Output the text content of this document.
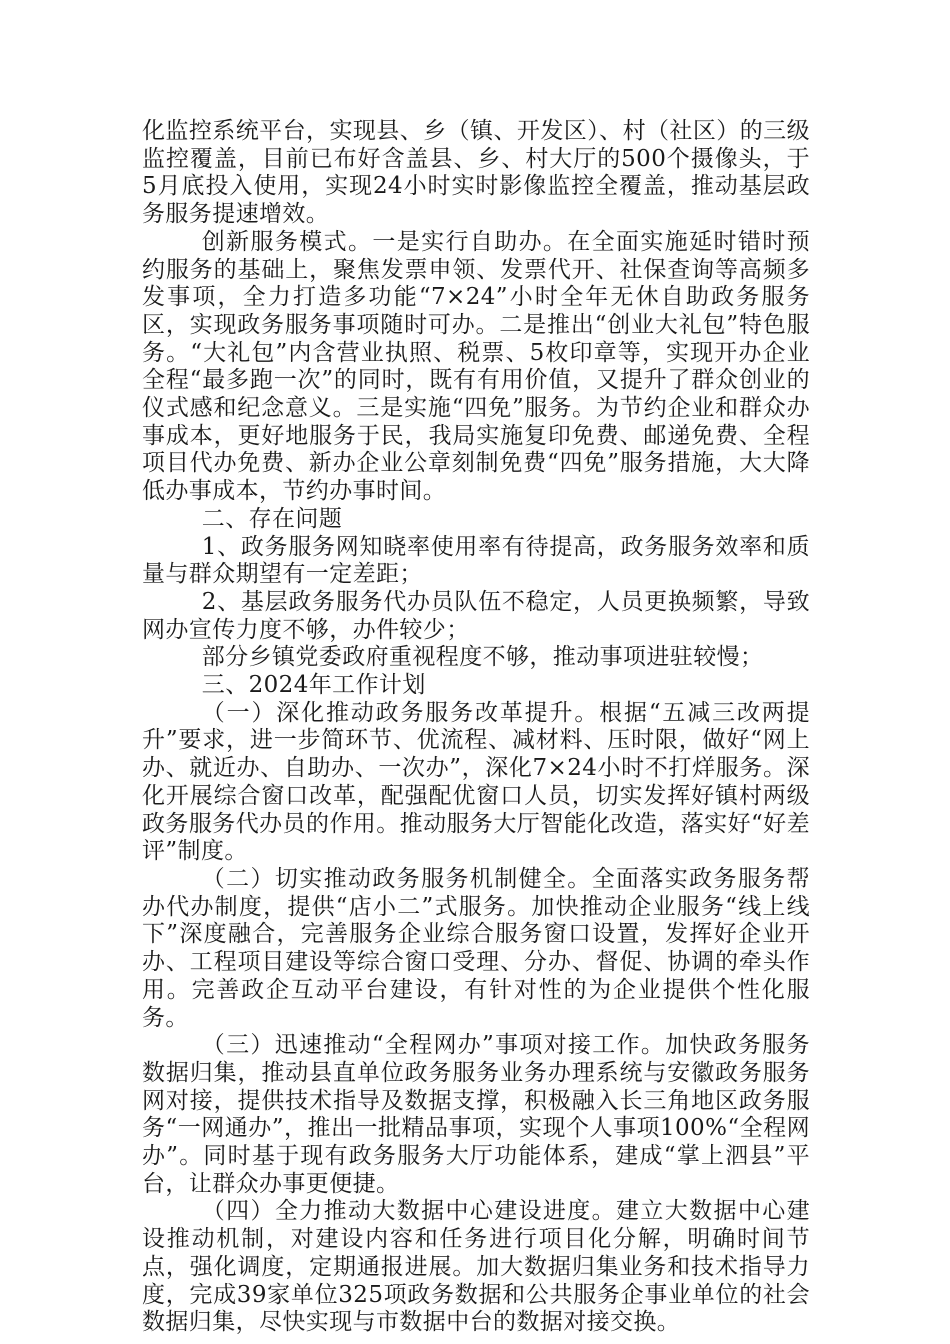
化监控系统平台，实现县、乡（镇、开发区）、村（社区）的三级监控覆盖，目前已布好含盖县、乡、村大厅的500个摄像头，于5月底投入使用，实现24小时实时影像监控全覆盖，推动基层政务服务提速增效。

创新服务模式。一是实行自助办。在全面实施延时错时预约服务的基础上，聚焦发票申领、发票代开、社保查询等高频多发事项，全力打造多功能“7×24”小时全年无休自助政务服务区，实现政务服务事项随时可办。二是推出“创业大礼包”特色服务。“大礼包”内含营业执照、税票、5枚印章等，实现开办企业全程“最多跑一次”的同时，既有有用价值，又提升了群众创业的仪式感和纪念意义。三是实施“四免”服务。为节约企业和群众办事成本，更好地服务于民，我局实施复印免费、邮递免费、全程项目代办免费、新办企业公章刻制免费“四免”服务措施，大大降低办事成本，节约办事时间。

二、存在问题

1、政务服务网知晓率使用率有待提高，政务服务效率和质量与群众期望有一定差距；

2、基层政务服务代办员队伍不稳定，人员更换频繁，导致网办宣传力度不够，办件较少；

部分乡镇党委政府重视程度不够，推动事项进驻较慢；

三、2024年工作计划

（一）深化推动政务服务改革提升。根据“五减三改两提升”要求，进一步简环节、优流程、减材料、压时限，做好“网上办、就近办、自助办、一次办”，深化7×24小时不打烊服务。深化开展综合窗口改革，配强配优窗口人员，切实发挥好镇村两级政务服务代办员的作用。推动服务大厅智能化改造，落实好“好差评”制度。

（二）切实推动政务服务机制健全。全面落实政务服务帮办代办制度，提供“店小二”式服务。加快推动企业服务“线上线下”深度融合，完善服务企业综合服务窗口设置，发挥好企业开办、工程项目建设等综合窗口受理、分办、督促、协调的牵头作用。完善政企互动平台建设，有针对性的为企业提供个性化服务。

（三）迅速推动“全程网办”事项对接工作。加快政务服务数据归集，推动县直单位政务服务业务办理系统与安徽政务服务网对接，提供技术指导及数据支撑，积极融入长三角地区政务服务“一网通办”，推出一批精品事项，实现个人事项100%“全程网办”。同时基于现有政务服务大厅功能体系，建成“掌上泗县”平台，让群众办事更便捷。

（四）全力推动大数据中心建设进度。建立大数据中心建设推动机制，对建设内容和任务进行项目化分解，明确时间节点，强化调度，定期通报进展。加大数据归集业务和技术指导力度，完成39家单位325项政务数据和公共服务企事业单位的社会数据归集，尽快实现与市数据中台的数据对接交换。
